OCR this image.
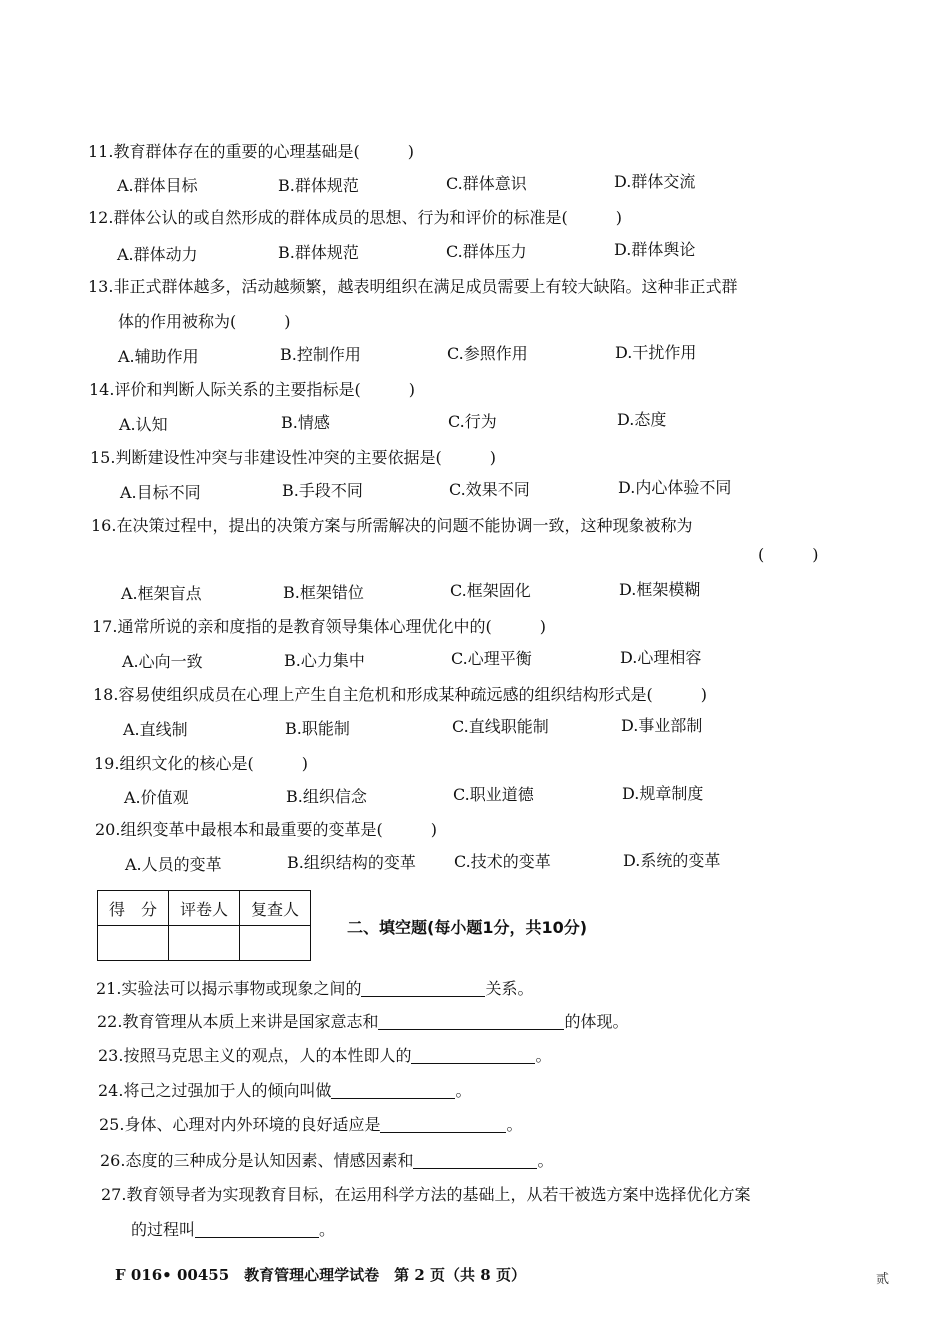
11.教育群体存在的重要的心理基础是(　　　)
A.群体目标	B.群体规范	C.群体意识	D.群体交流
12.群体公认的或自然形成的群体成员的思想、行为和评价的标准是(　　　)
A.群体动力	B.群体规范	C.群体压力	D.群体舆论
13.非正式群体越多，活动越频繁，越表明组织在满足成员需要上有较大缺陷。这种非正式群
体的作用被称为(　　　)
A.辅助作用	B.控制作用	C.参照作用	D.干扰作用
14.评价和判断人际关系的主要指标是(　　　)
A.认知	B.情感	C.行为	D.态度
15.判断建设性冲突与非建设性冲突的主要依据是(　　　)
A.目标不同	B.手段不同	C.效果不同	D.内心体验不同
16.在决策过程中，提出的决策方案与所需解决的问题不能协调一致，这种现象被称为
(　　　)
A.框架盲点	B.框架错位	C.框架固化	D.框架模糊
17.通常所说的亲和度指的是教育领导集体心理优化中的(　　　)
A.心向一致	B.心力集中	C.心理平衡	D.心理相容
18.容易使组织成员在心理上产生自主危机和形成某种疏远感的组织结构形式是(　　　)
A.直线制	B.职能制	C.直线职能制	D.事业部制
19.组织文化的核心是(　　　)
A.价值观	B.组织信念	C.职业道德	D.规章制度
20.组织变革中最根本和最重要的变革是(　　　)
A.人员的变革	B.组织结构的变革 C.技术的变革	D.系统的变革
得　分	评卷人	复查人

二、填空题(每小题1分，共10分)
21.实验法可以揭示事物或现象之间的	关系。
22.教育管理从本质上来讲是国家意志和	的体现。
23.按照马克思主义的观点，人的本性即人的	。
24.将己之过强加于人的倾向叫做	。
25.身体、心理对内外环境的良好适应是	。
26.态度的三种成分是认知因素、情感因素和	。
27.教育领导者为实现教育目标，在运用科学方法的基础上，从若干被选方案中选择优化方案
的过程叫	。
F 016• 00455　教育管理心理学试卷　第 2 页（共 8 页）	贰
